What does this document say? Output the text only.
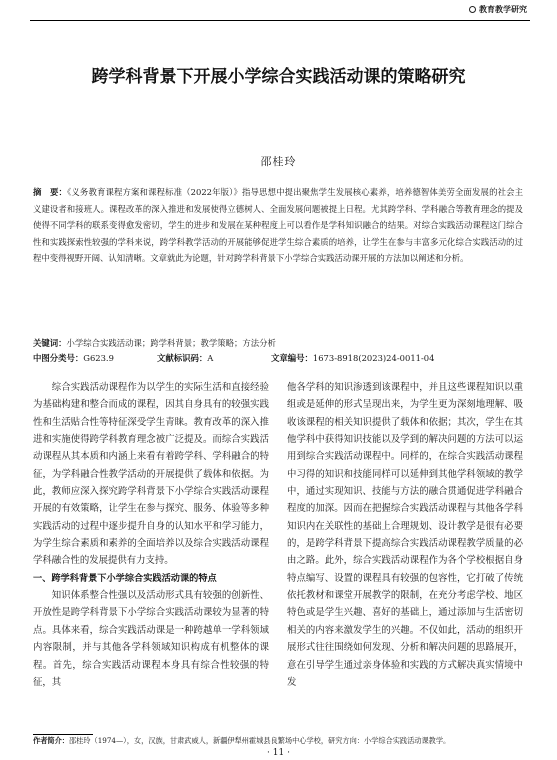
教育教学研究
跨学科背景下开展小学综合实践活动课的策略研究
邵桂玲
摘　要：《义务教育课程方案和课程标准（2022年版）》指导思想中提出聚焦学生发展核心素养，培养德智体美劳全面发展的社会主义建设者和接班人。课程改革的深入推进和发展使得立德树人、全面发展问题被提上日程。尤其跨学科、学科融合等教育理念的提及使得不同学科的联系变得愈发密切，学生的进步和发展在某种程度上可以看作是学科知识融合的结果。对综合实践活动课程这门综合性和实践探索性较强的学科来说，跨学科教学活动的开展能够促进学生综合素质的培养，让学生在参与丰富多元化综合实践活动的过程中变得视野开阔、认知清晰。文章就此为论题，针对跨学科背景下小学综合实践活动课开展的方法加以阐述和分析。
关键词：小学综合实践活动课；跨学科背景；教学策略；方法分析
中图分类号：G623.9	文献标识码：A	文章编号：1673-8918(2023)24-0011-04

综合实践活动课程作为以学生的实际生活和直接经验为基础构建和整合而成的课程，因其自身具有的较强实践性和生活贴合性等特征深受学生青睐。教育改革的深入推进和实施使得跨学科教育理念被广泛提及。而综合实践活动课程从其本质和内涵上来看有着跨学科、学科融合的特征，为学科融合性教学活动的开展提供了载体和依据。为此，教师应深入探究跨学科背景下小学综合实践活动课程开展的有效策略，让学生在参与探究、服务、体验等多种实践活动的过程中逐步提升自身的认知水平和学习能力，为学生综合素质和素养的全面培养以及综合实践活动课程学科融合性的发展提供有力支持。

一、跨学科背景下小学综合实践活动课的特点

知识体系整合性强以及活动形式具有较强的创新性、开放性是跨学科背景下小学综合实践活动课较为显著的特点。具体来看，综合实践活动课是一种跨越单一学科领域内容限制，并与其他各学科领域知识构成有机整体的课程。首先，综合实践活动课程本身具有综合性较强的特征，其

他各学科的知识渗透到该课程中，并且这些课程知识以重组或是延伸的形式呈现出来，为学生更为深刻地理解、吸收该课程的相关知识提供了载体和依据；其次，学生在其他学科中获得知识技能以及学到的解决问题的方法可以运用到综合实践活动课程中。同样的，在综合实践活动课程中习得的知识和技能同样可以延伸到其他学科领域的教学中，通过实现知识、技能与方法的融合贯通促进学科融合程度的加深。因而在把握综合实践活动课程与其他各学科知识内在关联性的基础上合理规划、设计教学是很有必要的，是跨学科背景下提高综合实践活动课程教学质量的必由之路。此外，综合实践活动课程作为各个学校根据自身特点编写、设置的课程具有较强的包容性，它打破了传统依托教材和课堂开展教学的限制，在充分考虑学校、地区特色或是学生兴趣、喜好的基础上，通过添加与生活密切相关的内容来激发学生的兴趣。不仅如此，活动的组织开展形式往往围绕如何发现、分析和解决问题的思路展开，意在引导学生通过亲身体验和实践的方式解决真实情境中发

作者简介：邵桂玲（1974—），女，汉族，甘肃武威人，新疆伊犁州霍城县良繁场中心学校，研究方向：小学综合实践活动课教学。
· 11 ·
